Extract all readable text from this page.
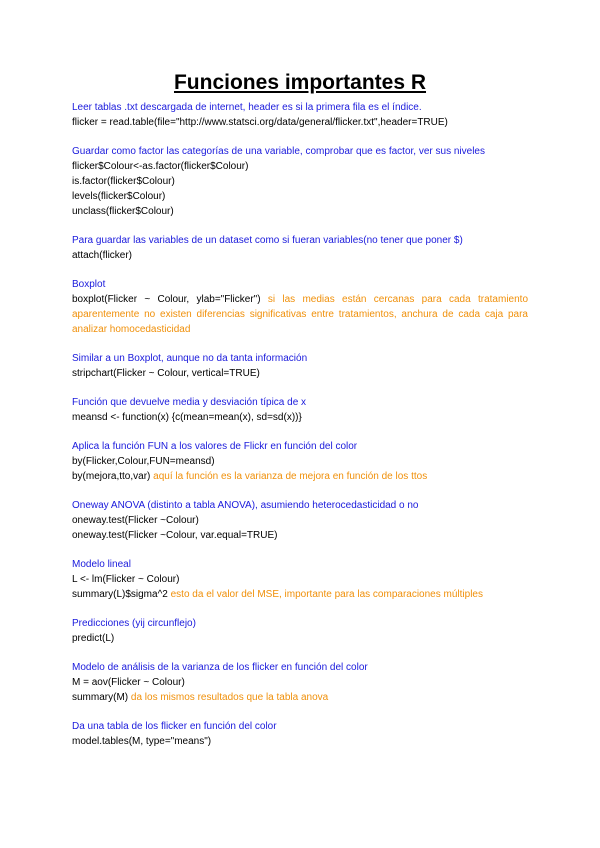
Funciones importantes R
Leer tablas .txt descargada de internet, header es si la primera fila es el índice.
flicker = read.table(file="http://www.statsci.org/data/general/flicker.txt",header=TRUE)
Guardar como factor las categorías de una variable, comprobar que es factor, ver sus niveles
flicker$Colour<-as.factor(flicker$Colour)
is.factor(flicker$Colour)
levels(flicker$Colour)
unclass(flicker$Colour)
Para guardar las variables de un dataset como si fueran variables(no tener que poner $)
attach(flicker)
Boxplot
boxplot(Flicker ~ Colour, ylab="Flicker") si las medias están cercanas para cada tratamiento aparentemente no existen diferencias significativas entre tratamientos, anchura de cada caja para analizar homocedasticidad
Similar a un Boxplot, aunque no da tanta información
stripchart(Flicker ~ Colour, vertical=TRUE)
Función que devuelve media y desviación típica de x
meansd <- function(x) {c(mean=mean(x), sd=sd(x))}
Aplica la función FUN a los valores de Flickr en función del color
by(Flicker,Colour,FUN=meansd)
by(mejora,tto,var) aquí la función es la varianza de mejora en función de los ttos
Oneway ANOVA (distinto a tabla ANOVA), asumiendo heterocedasticidad o no
oneway.test(Flicker ~Colour)
oneway.test(Flicker ~Colour, var.equal=TRUE)
Modelo lineal
L <- lm(Flicker ~ Colour)
summary(L)$sigma^2 esto da el valor del MSE, importante para las comparaciones múltiples
Predicciones (yij circunflejo)
predict(L)
Modelo de análisis de la varianza de los flicker en función del color
M = aov(Flicker ~ Colour)
summary(M) da los mismos resultados que la tabla anova
Da una tabla de los flicker en función del color
model.tables(M, type="means")
